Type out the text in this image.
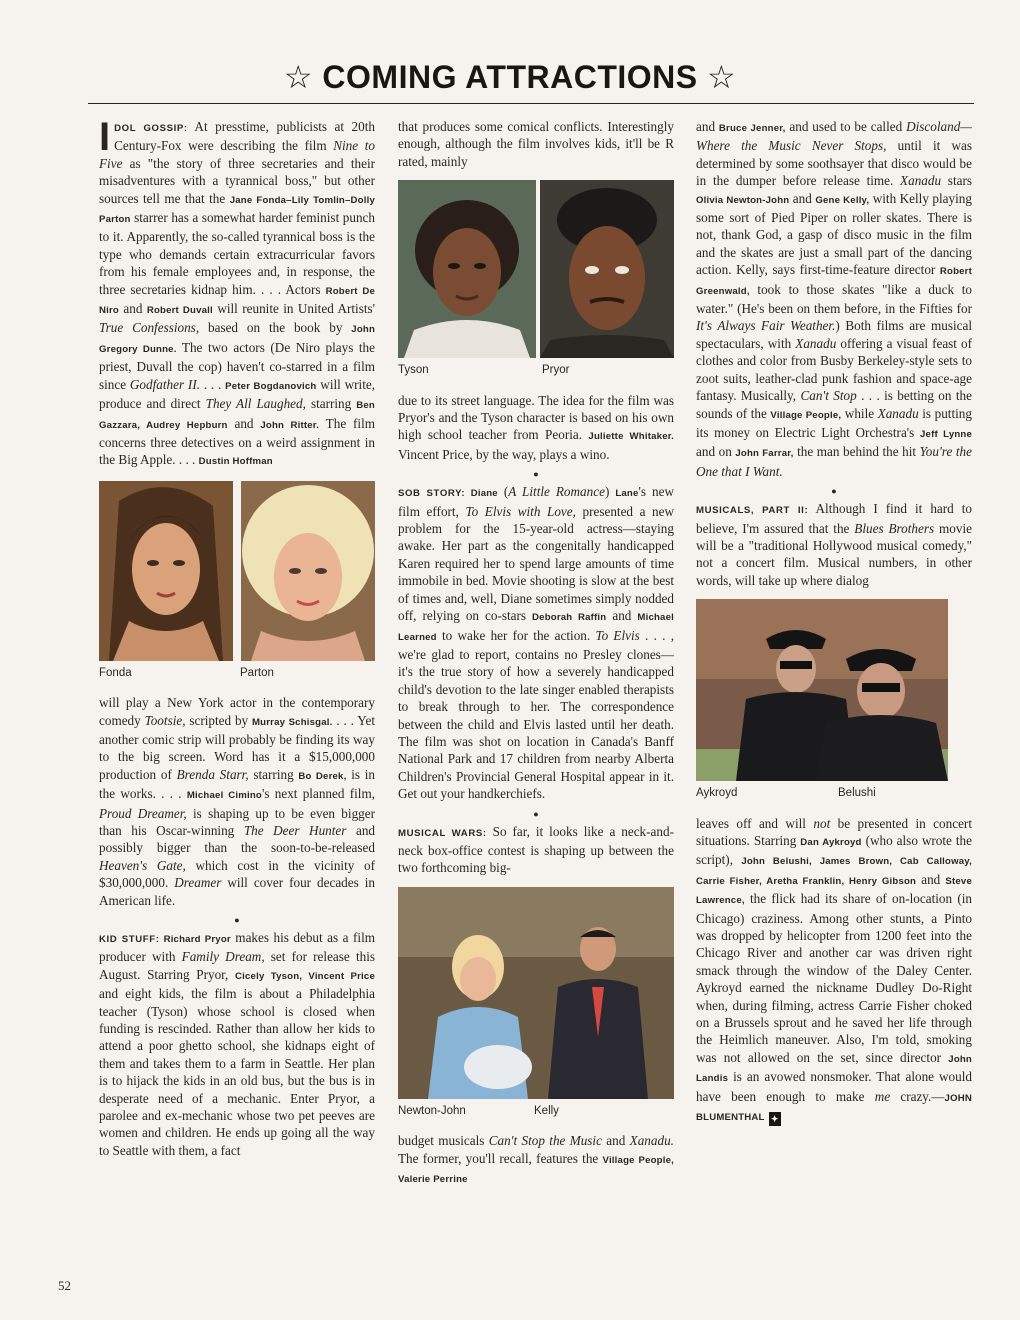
☆ COMING ATTRACTIONS ☆

IDOL GOSSIP: At presstime, publicists at 20th Century-Fox were describing the film Nine to Five as "the story of three secretaries and their misadventures with a tyrannical boss," but other sources tell me that the Jane Fonda–Lily Tomlin–Dolly Parton starrer has a somewhat harder feminist punch to it. Apparently, the so-called tyrannical boss is the type who demands certain extracurricular favors from his female employees and, in response, the three secretaries kidnap him. . . . Actors Robert De Niro and Robert Duvall will reunite in United Artists' True Confessions, based on the book by John Gregory Dunne. The two actors (De Niro plays the priest, Duvall the cop) haven't co-starred in a film since Godfather II. . . . Peter Bogdanovich will write, produce and direct They All Laughed, starring Ben Gazzara, Audrey Hepburn and John Ritter. The film concerns three detectives on a weird assignment in the Big Apple. . . . Dustin Hoffman

Fonda	Parton

will play a New York actor in the contemporary comedy Tootsie, scripted by Murray Schisgal. . . . Yet another comic strip will probably be finding its way to the big screen. Word has it a $15,000,000 production of Brenda Starr, starring Bo Derek, is in the works. . . . Michael Cimino's next planned film, Proud Dreamer, is shaping up to be even bigger than his Oscar-winning The Deer Hunter and possibly bigger than the soon-to-be-released Heaven's Gate, which cost in the vicinity of $30,000,000. Dreamer will cover four decades in American life.

●

KID STUFF: Richard Pryor makes his debut as a film producer with Family Dream, set for release this August. Starring Pryor, Cicely Tyson, Vincent Price and eight kids, the film is about a Philadelphia teacher (Tyson) whose school is closed when funding is rescinded. Rather than allow her kids to attend a poor ghetto school, she kidnaps eight of them and takes them to a farm in Seattle. Her plan is to hijack the kids in an old bus, but the bus is in desperate need of a mechanic. Enter Pryor, a parolee and ex-mechanic whose two pet peeves are women and children. He ends up going all the way to Seattle with them, a fact

that produces some comical conflicts. Interestingly enough, although the film involves kids, it'll be R rated, mainly

Tyson	Pryor

due to its street language. The idea for the film was Pryor's and the Tyson character is based on his own high school teacher from Peoria. Juliette Whitaker. Vincent Price, by the way, plays a wino.

●

SOB STORY: Diane (A Little Romance) Lane's new film effort, To Elvis with Love, presented a new problem for the 15-year-old actress—staying awake. Her part as the congenitally handicapped Karen required her to spend large amounts of time immobile in bed. Movie shooting is slow at the best of times and, well, Diane sometimes simply nodded off, relying on co-stars Deborah Raffin and Michael Learned to wake her for the action. To Elvis . . . , we're glad to report, contains no Presley clones—it's the true story of how a severely handicapped child's devotion to the late singer enabled therapists to break through to her. The correspondence between the child and Elvis lasted until her death. The film was shot on location in Canada's Banff National Park and 17 children from nearby Alberta Children's Provincial General Hospital appear in it. Get out your handkerchiefs.

●

MUSICAL WARS: So far, it looks like a neck-and-neck box-office contest is shaping up between the two forthcoming big-

Newton-John	Kelly

budget musicals Can't Stop the Music and Xanadu. The former, you'll recall, features the Village People, Valerie Perrine

and Bruce Jenner, and used to be called Discoland—Where the Music Never Stops, until it was determined by some soothsayer that disco would be in the dumper before release time. Xanadu stars Olivia Newton-John and Gene Kelly, with Kelly playing some sort of Pied Piper on roller skates. There is not, thank God, a gasp of disco music in the film and the skates are just a small part of the dancing action. Kelly, says first-time-feature director Robert Greenwald, took to those skates "like a duck to water." (He's been on them before, in the Fifties for It's Always Fair Weather.) Both films are musical spectaculars, with Xanadu offering a visual feast of clothes and color from Busby Berkeley-style sets to zoot suits, leather-clad punk fashion and space-age fantasy. Musically, Can't Stop . . . is betting on the sounds of the Village People, while Xanadu is putting its money on Electric Light Orchestra's Jeff Lynne and on John Farrar, the man behind the hit You're the One that I Want.

●

MUSICALS, PART II: Although I find it hard to believe, I'm assured that the Blues Brothers movie will be a "traditional Hollywood musical comedy," not a concert film. Musical numbers, in other words, will take up where dialog

Aykroyd	Belushi

leaves off and will not be presented in concert situations. Starring Dan Aykroyd (who also wrote the script), John Belushi, James Brown, Cab Calloway, Carrie Fisher, Aretha Franklin, Henry Gibson and Steve Lawrence, the flick had its share of on-location (in Chicago) craziness. Among other stunts, a Pinto was dropped by helicopter from 1200 feet into the Chicago River and another car was driven right smack through the window of the Daley Center. Aykroyd earned the nickname Dudley Do-Right when, during filming, actress Carrie Fisher choked on a Brussels sprout and he saved her life through the Heimlich maneuver. Also, I'm told, smoking was not allowed on the set, since director John Landis is an avowed nonsmoker. That alone would have been enough to make me crazy.—JOHN BLUMENTHAL ✦

52
